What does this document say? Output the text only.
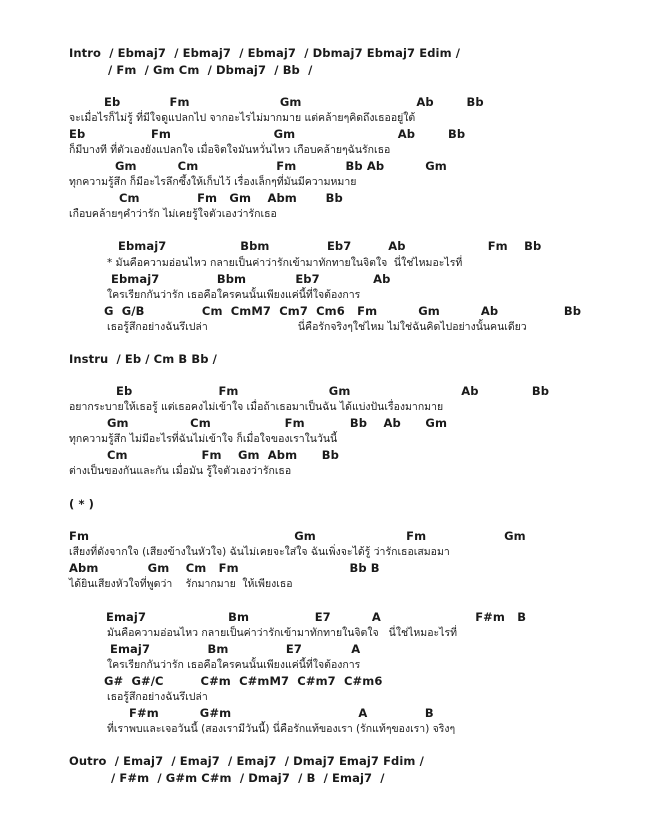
Intro  / Ebmaj7  / Ebmaj7  / Ebmaj7  / Dbmaj7 Ebmaj7 Edim /
/ Fm  / Gm Cm  / Dbmaj7  / Bb  /
Eb            Fm                      Gm                            Ab        Bb
จะเมื่อไรก็ไม่รู้ ที่มีใจดูแปลกไป จากอะไรไม่มากมาย แต่คล้ายๆคิดถึงเธออยู่ใต้
Eb                Fm                         Gm                         Ab        Bb
ก็มีบางที ที่ตัวเองยังแปลกใจ เมื่อจิตใจมันหวั่นไหว เกือบคล้ายๆฉันรักเธอ
Gm          Cm                   Fm            Bb Ab          Gm
ทุกความรู้สึก ก็มีอะไรลึกซึ้งให้เก็บไว้ เรื่องเล็กๆที่มันมีความหมาย
Cm              Fm   Gm    Abm       Bb
เกือบคล้ายๆคำว่ารัก ไม่เคยรู้ใจตัวเองว่ารักเธอ
Ebmaj7                  Bbm              Eb7         Ab                    Fm    Bb
* มันคือความอ่อนไหว กลายเป็นค่าว่ารักเข้ามาทักทายในจิตใจ  นี่ใช่ไหมอะไรที่
Ebmaj7              Bbm            Eb7             Ab
ใครเรียกกันว่ารัก เธอคือใครคนนั้นเพียงแค่นี้ที่ใจต้องการ
G  G/B              Cm  CmM7  Cm7  Cm6   Fm          Gm          Ab                Bb
เธอรู้สึกอย่างฉันรึเปล่า                           นี่คือรักจริงๆใช่ไหม ไม่ใช่ฉันคิดไปอย่างนั้นคนเดียว
Instru  / Eb / Cm B Bb /
Eb                     Fm                      Gm                           Ab             Bb
อยากระบายให้เธอรู้ แต่เธอคงไม่เข้าใจ เมื่อถ้าเธอมาเป็นฉัน ได้แบ่งปันเรื่องมากมาย
Gm               Cm                  Fm           Bb    Ab      Gm
ทุกความรู้สึก ไม่มีอะไรที่ฉันไม่เข้าใจ ก็เมื่อใจของเราในวันนี้
Cm                  Fm    Gm  Abm      Bb
ต่างเป็นของกันและกัน เมื่อมัน รู้ใจตัวเองว่ารักเธอ
( * )
Fm                                                  Gm                      Fm                   Gm
เสียงที่ดังจากใจ (เสียงข้างในหัวใจ) ฉันไม่เคยจะใส่ใจ ฉันเพิ่งจะได้รู้ ว่ารักเธอเสมอมา
Abm            Gm    Cm   Fm                           Bb B
ได้ยินเสียงหัวใจที่พูดว่า    รักมากมาย  ให้เพียงเธอ
Emaj7                    Bm                E7          A                       F#m   B
มันคือความอ่อนไหว กลายเป็นค่าว่ารักเข้ามาทักทายในจิตใจ   นี่ใช่ไหมอะไรที่
Emaj7              Bm              E7            A
ใครเรียกกันว่ารัก เธอคือใครคนนั้นเพียงแค่นี้ที่ใจต้องการ
G#  G#/C         C#m  C#mM7  C#m7  C#m6
เธอรู้สึกอย่างฉันรึเปล่า
F#m          G#m                               A              B
ที่เราพบและเจอวันนี้ (สองเรามีวันนี้) นี่คือรักแท้ของเรา (รักแท้ๆของเรา) จริงๆ
Outro  / Emaj7  / Emaj7  / Emaj7  / Dmaj7 Emaj7 Fdim /
/ F#m  / G#m C#m  / Dmaj7  / B  / Emaj7  /
